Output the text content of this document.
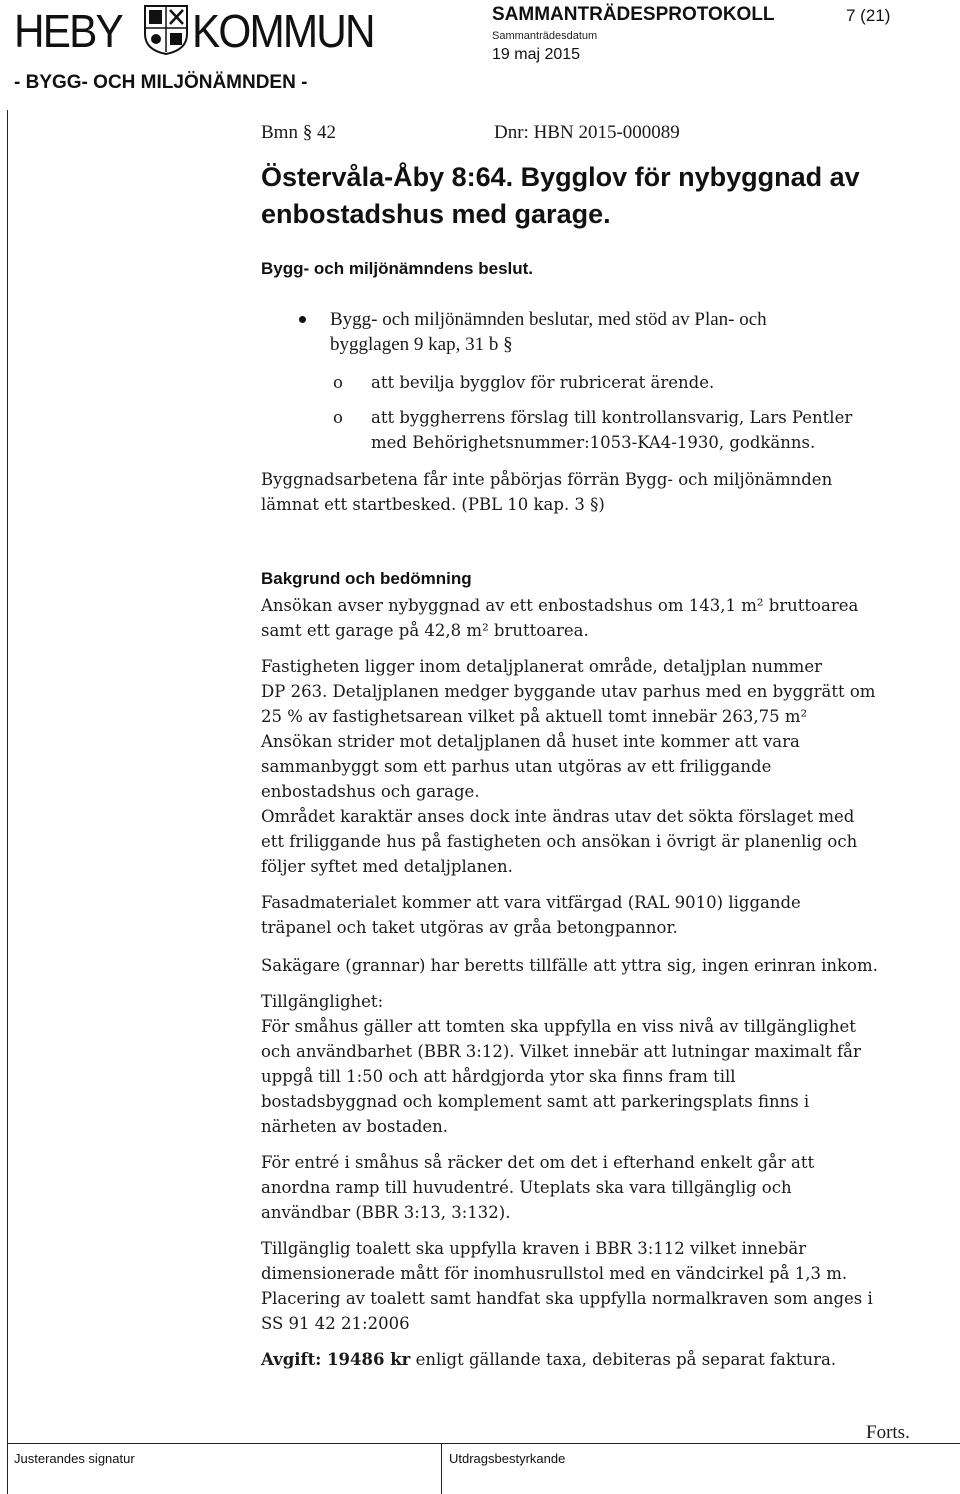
HEBY KOMMUN	SAMMANTRÄDESPROTOKOLL	7 (21)
Sammanträdesdatum
19 maj 2015
- BYGG- OCH MILJÖNÄMNDEN -
Bmn § 42	Dnr: HBN 2015-000089
Östervåla-Åby 8:64. Bygglov för nybyggnad av
enbostadshus med garage.
Bygg- och miljönämndens beslut.
Bygg- och miljönämnden beslutar, med stöd av Plan- och
bygglagen 9 kap, 31 b §
o att bevilja bygglov för rubricerat ärende.
o att byggherrens förslag till kontrollansvarig, Lars Pentler
med Behörighetsnummer:1053-KA4-1930, godkänns.
Byggnadsarbetena får inte påbörjas förrän Bygg- och miljönämnden
lämnat ett startbesked. (PBL 10 kap. 3 §)
Bakgrund och bedömning
Ansökan avser nybyggnad av ett enbostadshus om 143,1 m² bruttoarea
samt ett garage på 42,8 m² bruttoarea.
Fastigheten ligger inom detaljplanerat område, detaljplan nummer
DP 263. Detaljplanen medger byggande utav parhus med en byggrätt om
25 % av fastighetsarean vilket på aktuell tomt innebär 263,75 m²
Ansökan strider mot detaljplanen då huset inte kommer att vara
sammanbyggt som ett parhus utan utgöras av ett friliggande
enbostadshus och garage.
Området karaktär anses dock inte ändras utav det sökta förslaget med
ett friliggande hus på fastigheten och ansökan i övrigt är planenlig och
följer syftet med detaljplanen.
Fasadmaterialet kommer att vara vitfärgad (RAL 9010) liggande
träpanel och taket utgöras av gråa betongpannor.
Sakägare (grannar) har beretts tillfälle att yttra sig, ingen erinran inkom.
Tillgänglighet:
För småhus gäller att tomten ska uppfylla en viss nivå av tillgänglighet
och användbarhet (BBR 3:12). Vilket innebär att lutningar maximalt får
uppgå till 1:50 och att hårdgjorda ytor ska finns fram till
bostadsbyggnad och komplement samt att parkeringsplats finns i
närheten av bostaden.
För entré i småhus så räcker det om det i efterhand enkelt går att
anordna ramp till huvudentré. Uteplats ska vara tillgänglig och
användbar (BBR 3:13, 3:132).
Tillgänglig toalett ska uppfylla kraven i BBR 3:112 vilket innebär
dimensionerade mått för inomhusrullstol med en vändcirkel på 1,3 m.
Placering av toalett samt handfat ska uppfylla normalkraven som anges i
SS 91 42 21:2006
Avgift: 19486 kr enligt gällande taxa, debiteras på separat faktura.
Forts.
Justerandes signatur	Utdragsbestyrkande
